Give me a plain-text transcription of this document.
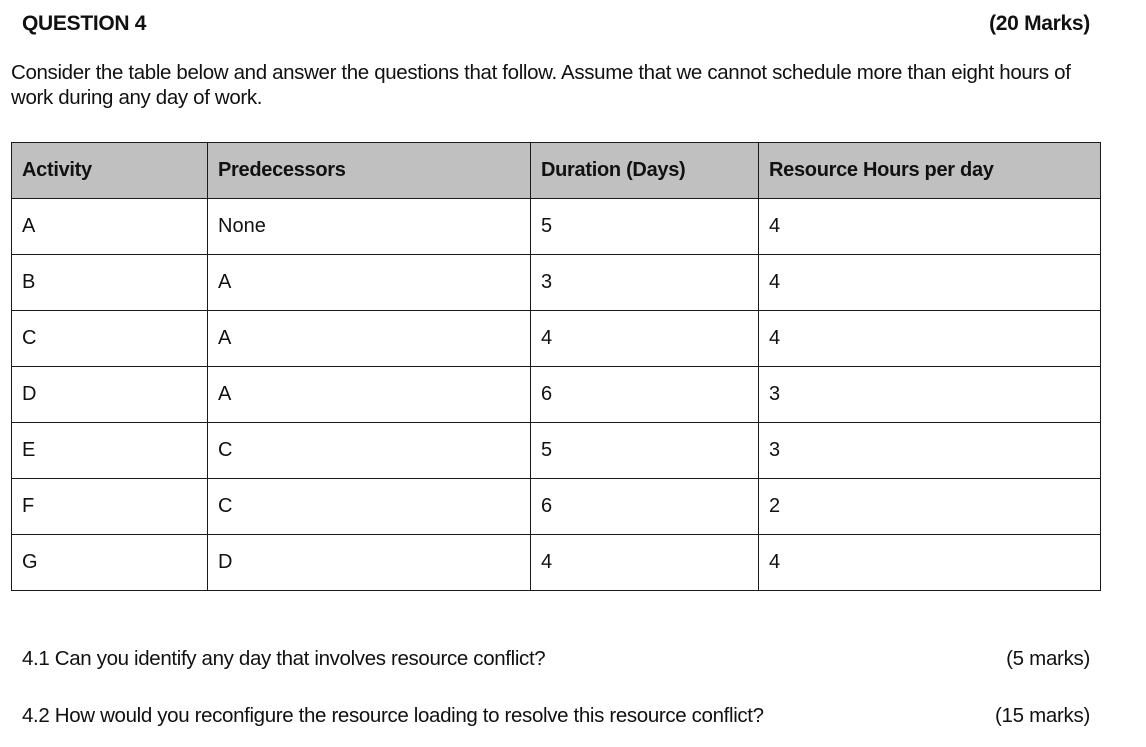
QUESTION 4	(20 Marks)
Consider the table below and answer the questions that follow. Assume that we cannot schedule more than eight hours of work during any day of work.
Activity	Predecessors	Duration (Days)	Resource Hours per day
A	None	5	4
B	A	3	4
C	A	4	4
D	A	6	3
E	C	5	3
F	C	6	2
G	D	4	4
4.1 Can you identify any day that involves resource conflict?	(5 marks)
4.2 How would you reconfigure the resource loading to resolve this resource conflict?	(15 marks)
